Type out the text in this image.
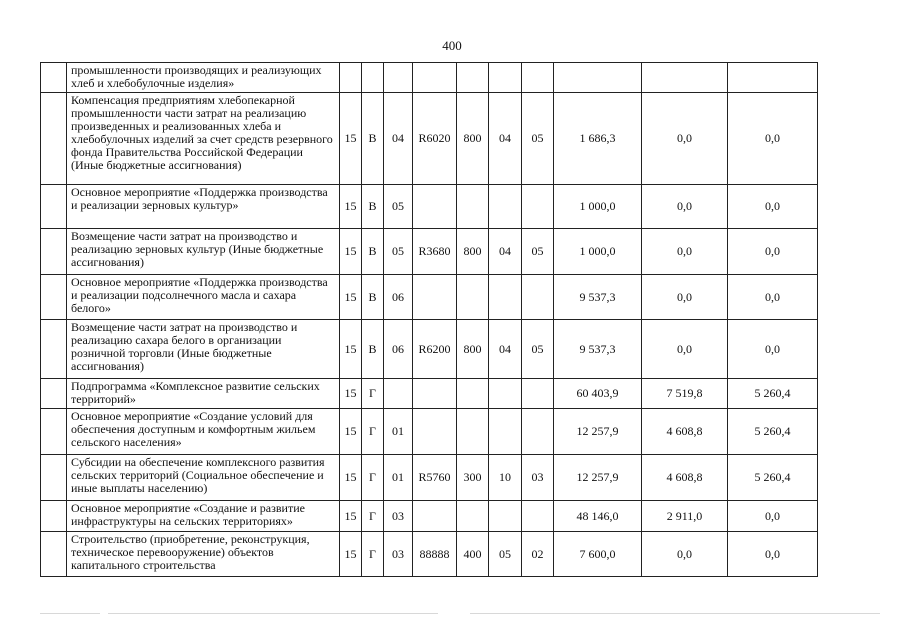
400
	промышленности производящих и реализующих хлеб и хлебобулочные изделия»										
	Компенсация предприятиям хлебопекарной промышленности части затрат на реализацию произведенных и реализованных хлеба и хлебобулочных изделий за счет средств резервного фонда Правительства Российской Федерации (Иные бюджетные ассигнования)	15	В	04	R6020	800	04	05	1 686,3	0,0	0,0
	Основное мероприятие «Поддержка производства и реализации зерновых культур»	15	В	05					1 000,0	0,0	0,0
	Возмещение части затрат на производство и реализацию зерновых культур (Иные бюджетные ассигнования)	15	В	05	R3680	800	04	05	1 000,0	0,0	0,0
	Основное мероприятие «Поддержка производства и реализации подсолнечного масла и сахара белого»	15	В	06					9 537,3	0,0	0,0
	Возмещение части затрат на производство и реализацию сахара белого в организации розничной торговли (Иные бюджетные ассигнования)	15	В	06	R6200	800	04	05	9 537,3	0,0	0,0
	Подпрограмма «Комплексное развитие сельских территорий»	15	Г						60 403,9	7 519,8	5 260,4
	Основное мероприятие «Создание условий для обеспечения доступным и комфортным жильем сельского населения»	15	Г	01					12 257,9	4 608,8	5 260,4
	Субсидии на обеспечение комплексного развития сельских территорий (Социальное обеспечение и иные выплаты населению)	15	Г	01	R5760	300	10	03	12 257,9	4 608,8	5 260,4
	Основное мероприятие «Создание и развитие инфраструктуры на сельских территориях»	15	Г	03					48 146,0	2 911,0	0,0
	Строительство (приобретение, реконструкция, техническое перевооружение) объектов капитального строительства	15	Г	03	88888	400	05	02	7 600,0	0,0	0,0
